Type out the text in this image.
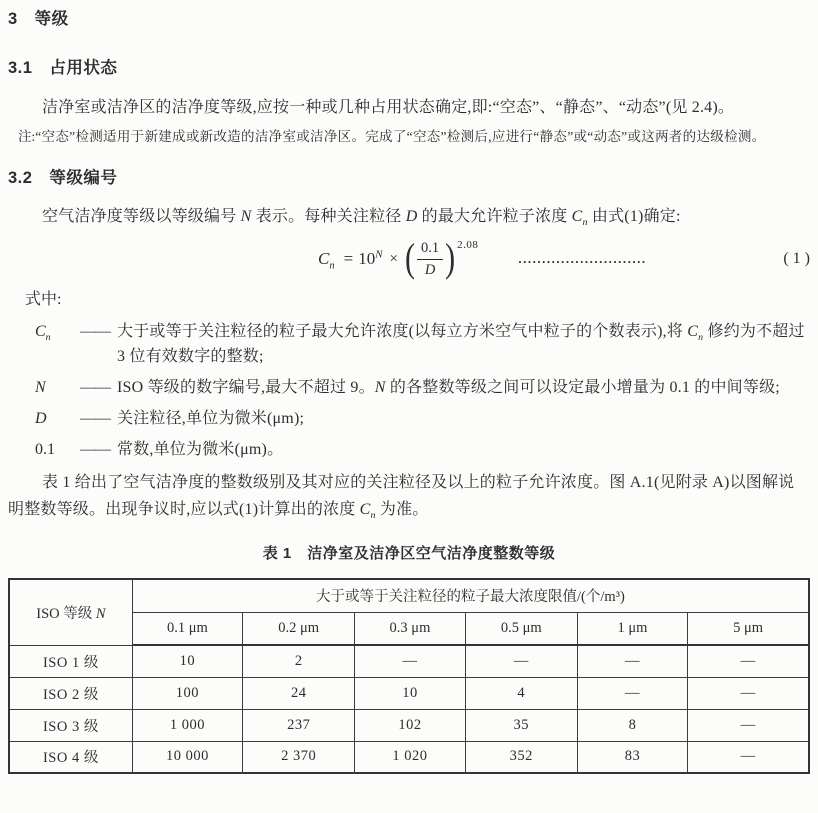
3　等级
3.1　占用状态

洁净室或洁净区的洁净度等级,应按一种或几种占用状态确定,即:“空态”、“静态”、“动态”(见 2.4)。

注: “空态”检测适用于新建成或新改造的洁净室或洁净区。完成了“空态”检测后,应进行“静态”或“动态”或这两者的达级检测。
3.2　等级编号

空气洁净度等级以等级编号 N 表示。每种关注粒径 D 的最大允许粒子浓度 $C_n$ 由式(1)确定:

$C_n = 10^N$ × ( $\frac{0.1}{D}$ ) 2.08
...........................	( 1 )
式中:
$C_n$	—— 大于或等于关注粒径的粒子最大允许浓度(以每立方米空气中粒子的个数表示),将 $C_n$ 修约为不超过 3 位有效数字的整数;
N	—— ISO 等级的数字编号,最大不超过 9。N 的各整数等级之间可以设定最小增量为 0.1 的中间等级;
D	—— 关注粒径,单位为微米(μm);
0.1	—— 常数,单位为微米(μm)。

表 1 给出了空气洁净度的整数级别及其对应的关注粒径及以上的粒子允许浓度。图 A.1(见附录 A)以图解说明整数等级。出现争议时,应以式(1)计算出的浓度 $C_n$ 为准。

表 1　洁净室及洁净区空气洁净度整数等级
ISO 等级 N	大于或等于关注粒径的粒子最大浓度限值/(个/m³)					
	0.1 μm	0.2 μm	0.3 μm	0.5 μm	1 μm	5 μm
ISO 1 级	10	2	—	—	—	—
ISO 2 级	100	24	10	4	—	—
ISO 3 级	1 000	237	102	35	8	—
ISO 4 级	10 000	2 370	1 020	352	83	—
